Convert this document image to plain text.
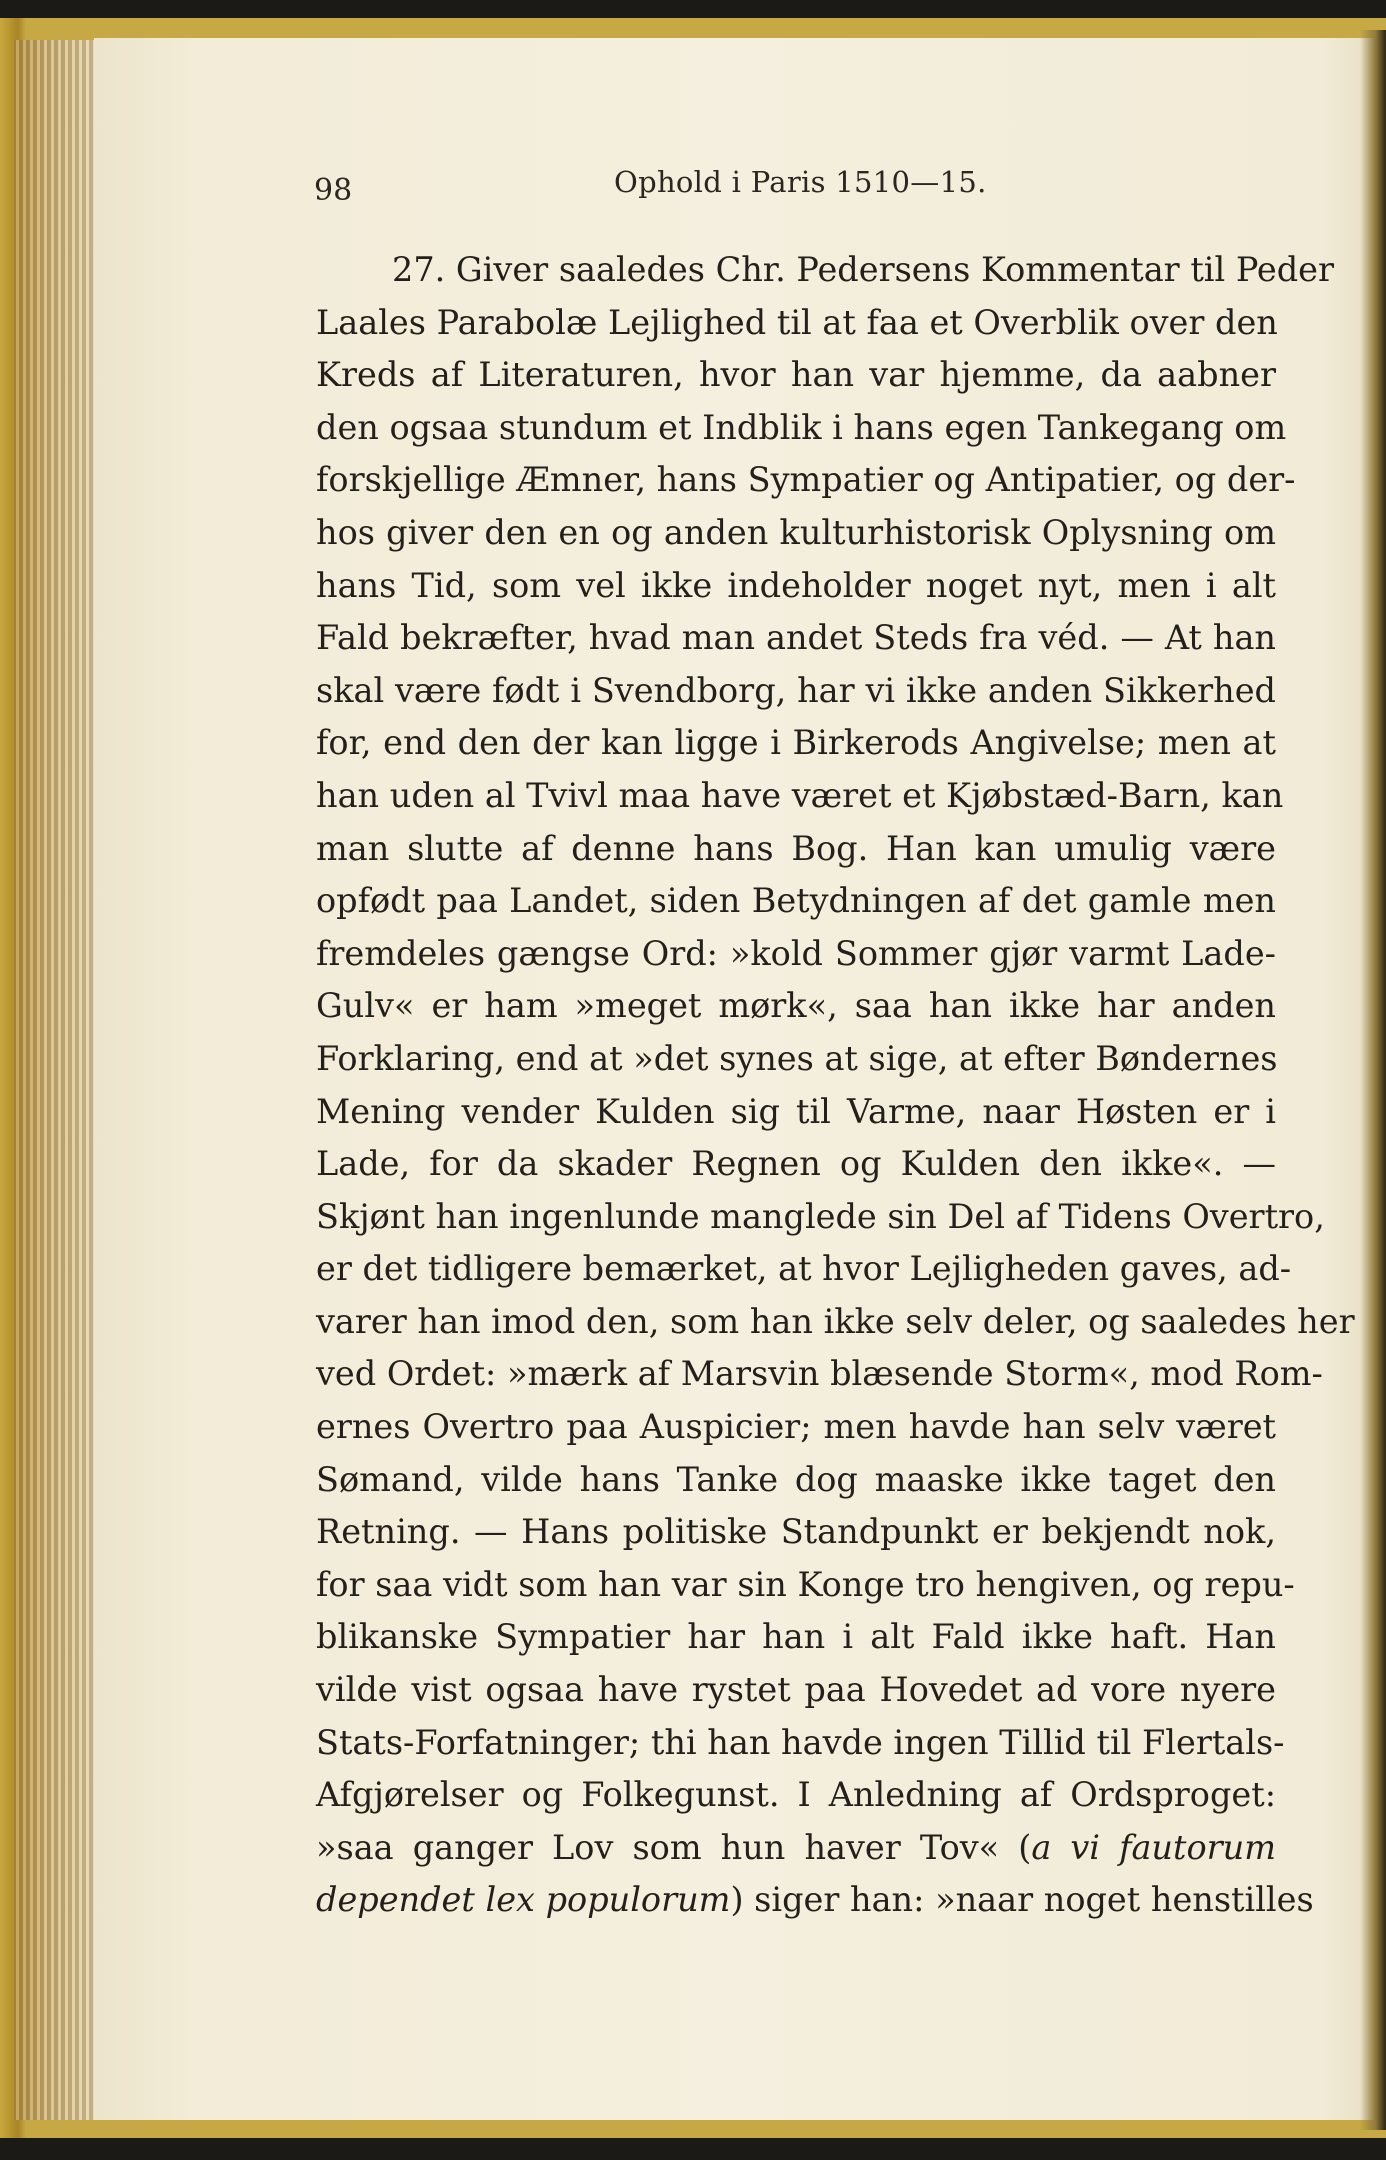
98	Ophold i Paris 1510—15.

27. Giver saaledes Chr. Pedersens Kommentar til Peder
Laales Parabolæ Lejlighed til at faa et Overblik over den
Kreds af Literaturen, hvor han var hjemme, da aabner
den ogsaa stundum et Indblik i hans egen Tankegang om
forskjellige Æmner, hans Sympatier og Antipatier, og der-
hos giver den en og anden kulturhistorisk Oplysning om
hans Tid, som vel ikke indeholder noget nyt, men i alt
Fald bekræfter, hvad man andet Steds fra véd. — At han
skal være født i Svendborg, har vi ikke anden Sikkerhed
for, end den der kan ligge i Birkerods Angivelse; men at
han uden al Tvivl maa have været et Kjøbstæd-Barn, kan
man slutte af denne hans Bog. Han kan umulig være
opfødt paa Landet, siden Betydningen af det gamle men
fremdeles gængse Ord: »kold Sommer gjør varmt Lade-
Gulv« er ham »meget mørk«, saa han ikke har anden
Forklaring, end at »det synes at sige, at efter Bøndernes
Mening vender Kulden sig til Varme, naar Høsten er i
Lade, for da skader Regnen og Kulden den ikke«. —
Skjønt han ingenlunde manglede sin Del af Tidens Overtro,
er det tidligere bemærket, at hvor Lejligheden gaves, ad-
varer han imod den, som han ikke selv deler, og saaledes her
ved Ordet: »mærk af Marsvin blæsende Storm«, mod Rom-
ernes Overtro paa Auspicier; men havde han selv været
Sømand, vilde hans Tanke dog maaske ikke taget den
Retning. — Hans politiske Standpunkt er bekjendt nok,
for saa vidt som han var sin Konge tro hengiven, og repu-
blikanske Sympatier har han i alt Fald ikke haft. Han
vilde vist ogsaa have rystet paa Hovedet ad vore nyere
Stats-Forfatninger; thi han havde ingen Tillid til Flertals-
Afgjørelser og Folkegunst. I Anledning af Ordsproget:
»saa ganger Lov som hun haver Tov« (a vi fautorum
dependet lex populorum) siger han: »naar noget henstilles
